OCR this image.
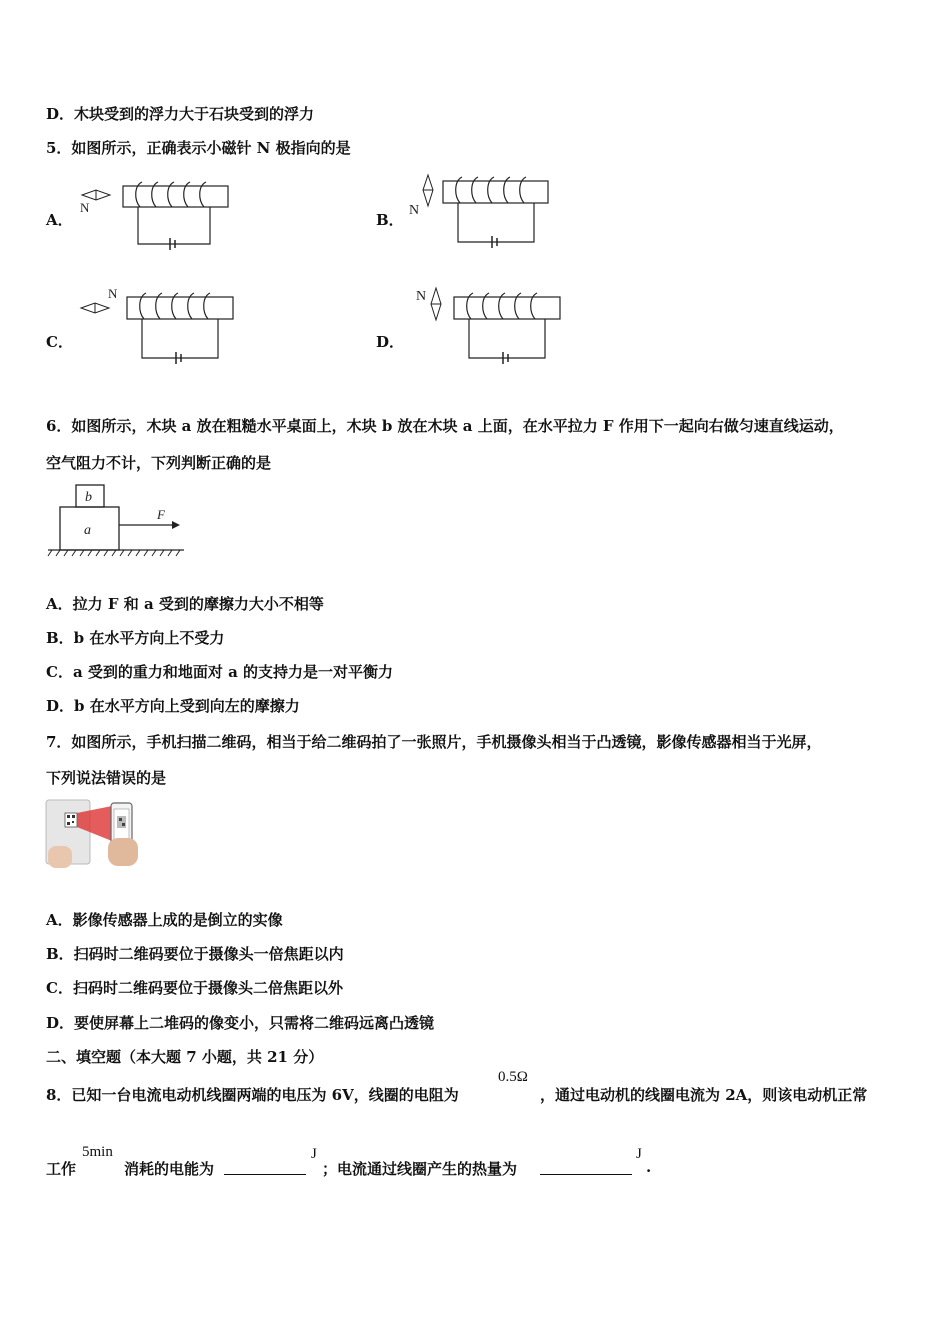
D．木块受到的浮力大于石块受到的浮力
5．如图所示，正确表示小磁针 N 极指向的是
A．
N
B．
N
C．
N
D．
N
6．如图所示，木块 a 放在粗糙水平桌面上，木块 b 放在木块 a 上面，在水平拉力 F 作用下一起向右做匀速直线运动，
空气阻力不计，下列判断正确的是
b
a
F
A．拉力 F 和 a 受到的摩擦力大小不相等
B．b 在水平方向上不受力
C．a 受到的重力和地面对 a 的支持力是一对平衡力
D．b 在水平方向上受到向左的摩擦力
7．如图所示，手机扫描二维码，相当于给二维码拍了一张照片，手机摄像头相当于凸透镜，影像传感器相当于光屏，
下列说法错误的是
A．影像传感器上成的是倒立的实像
B．扫码时二维码要位于摄像头一倍焦距以内
C．扫码时二维码要位于摄像头二倍焦距以外
D．要使屏幕上二堆码的像变小，只需将二维码远离凸透镜
二、填空题（本大题 7 小题，共 21 分）
8．已知一台电流电动机线圈两端的电压为 6V，线圈的电阻为
0.5Ω
，通过电动机的线圈电流为 2A，则该电动机正常
工作
5min
消耗的电能为
J
；电流通过线圈产生的热量为
J
.
